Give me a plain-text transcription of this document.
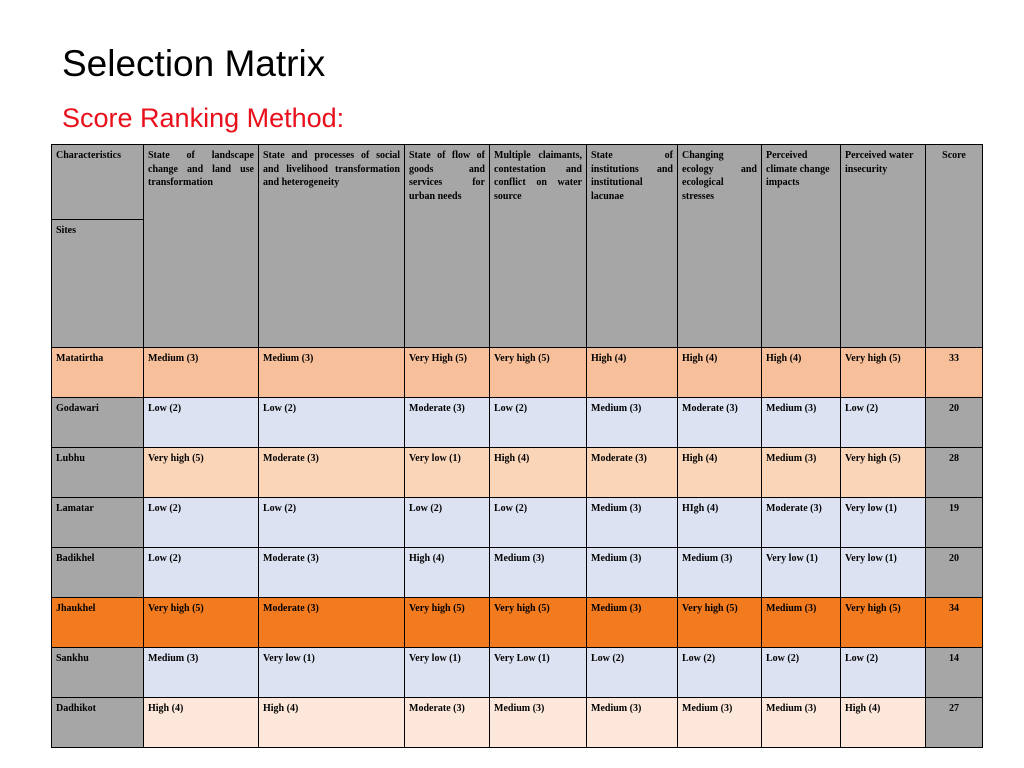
Selection Matrix
Score Ranking Method:
Characteristics	State of landscape change and land use transformation	State and processes of social and livelihood transformation and heterogeneity	State of flow of goods and services for urban needs	Multiple claimants, contestation and conflict on water source	State of institutions and institutional lacunae	Changing ecology and ecological stresses	Perceived climate change impacts	Perceived water insecurity	Score
Sites									
Matatirtha	Medium (3)	Medium (3)	Very High (5)	Very high (5)	High (4)	High (4)	High (4)	Very high (5)	33
Godawari	Low (2)	Low (2)	Moderate (3)	Low (2)	Medium (3)	Moderate (3)	Medium (3)	Low (2)	20
Lubhu	Very high (5)	Moderate (3)	Very low (1)	High (4)	Moderate (3)	High (4)	Medium (3)	Very high (5)	28
Lamatar	Low (2)	Low (2)	Low (2)	Low (2)	Medium (3)	HIgh (4)	Moderate (3)	Very low (1)	19
Badikhel	Low (2)	Moderate (3)	High (4)	Medium (3)	Medium (3)	Medium (3)	Very low (1)	Very low (1)	20
Jhaukhel	Very high (5)	Moderate (3)	Very high (5)	Very high (5)	Medium (3)	Very high (5)	Medium (3)	Very high (5)	34
Sankhu	Medium (3)	Very low (1)	Very low (1)	Very Low (1)	Low (2)	Low (2)	Low (2)	Low (2)	14
Dadhikot	High (4)	High (4)	Moderate (3)	Medium (3)	Medium (3)	Medium (3)	Medium (3)	High (4)	27
